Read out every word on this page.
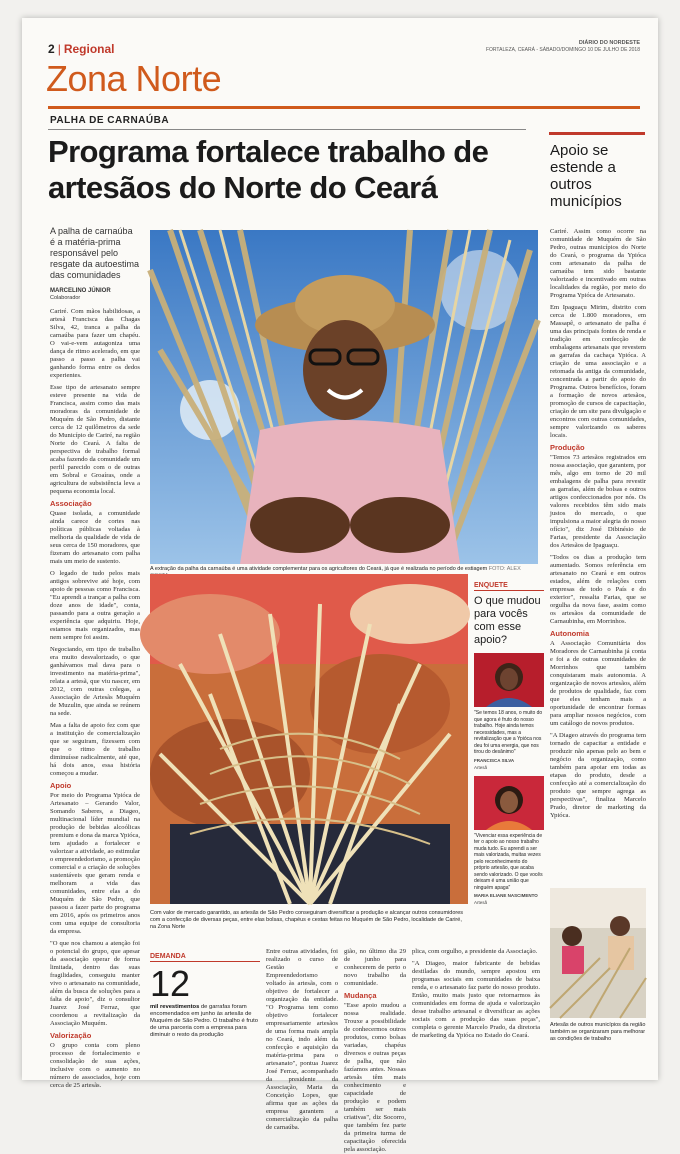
2 | Regional	DIÁRIO DO NORDESTE
FORTALEZA, CEARÁ - SÁBADO/DOMINGO 10 DE JULHO DE 2018
Zona Norte
PALHA DE CARNAÚBA
Programa fortalece trabalho de artesãos do Norte do Ceará
Apoio se estende a outros municípios
A palha de carnaúba é a matéria-prima responsável pelo resgate da autoestima das comunidades
MARCELINO JÚNIOR
Colaborador

Cariré. Com mãos habilidosas, a artesã Francisca das Chagas Silva, 42, tranca a palha da carnaúba para fazer um chapéu. O vai-e-vem autagoniza uma dança de ritmo acelerado, em que passo a passo a palha vai ganhando forma entre os dedos experientes.

Esse tipo de artesanato sempre esteve presente na vida de Francisca, assim como das mais moradoras da comunidade de Muquém de São Pedro, distante cerca de 12 quilômetros da sede do Município de Cariré, na região Norte do Ceará. A falta de perspectiva de trabalho formal acaba fazendo da comunidade um perfil parecido com o de outras em Sobral e Groaíras, onde a agricultura de subsistência leva a pequena economia local.

Associação

Quase isolada, a comunidade ainda carece de cortes nas políticas públicas voltadas à melhoria da qualidade de vida de seus cerca de 150 moradores, que fizeram do artesanato com palha mais um meio de sustento.

O legado de tudo pelos mais antigos sobrevive até hoje, com apoio de pessoas como Francisca. "Eu aprendi a trançar a palha com doze anos de idade", conta, passando para a outra geração a experiência que adquiriu. Hoje, estamos mais organizados, mas nem sempre foi assim.

Negociando, em tipo de trabalho era muito desvalorizado, o que ganhávamos mal dava para o investimento na matéria-prima", relata a artesã, que viu nascer, em 2012, com outras colegas, a Associação de Artesãs Muquém de Muzulin, que ainda se reúnem na sede.

Mas a falta de apoio fez com que a instituição de comercialização que se seguiram, fizessem com que o ritmo de trabalho diminuísse radicalmente, até que, há dois anos, essa história começou a mudar.

Apoio

Por meio do Programa Ypióca de Artesanato – Gerando Valor, Somando Saberes, a Diageo, multinacional líder mundial na produção de bebidas alcoólicas premium e dona da marca Ypióca, tem ajudado a fortalecer e valorizar a atividade, ao estimular o empreendedorismo, a promoção comercial e a criação de soluções sustentáveis que geram renda e melhoram a vida das comunidades, entre elas a do Muquém de São Pedro, que passou a fazer parte do programa em 2016, após os primeiros anos com uma equipe de consultoria da empresa.

"O que nos chamou a atenção foi o potencial do grupo, que apesar da associação operar de forma limitada, dentro das suas fragilidades, conseguiu manter vivo o artesanato na comunidade, além da busca de soluções para a falta de apoio", diz o consultor Juarez José Ferraz, que coordenou a revitalização da Associação Muquém.

Valorização

O grupo conta com pleno processo de fortalecimento e consolidação de suas ações, inclusive com o aumento no número de associados, hoje com cerca de 25 artesãs.

A extração da palha da carnaúba é uma atividade complementar para os agricultores do Ceará, já que é realizada no período de estiagem FOTO: ALEX
Com valor de mercado garantido, as artesãs de São Pedro conseguiram diversificar a produção e alcançar outros consumidores com a confecção de diversas peças, entre elas bolsas, chapéus e cestas feitas no Muquém de São Pedro, localidade de Cariré, na Zona Norte
ENQUETE
O que mudou para vocês com esse apoio?
"Se temos 18 anos, o muito do que agora é fruto do nosso trabalho. Hoje ainda temos necessidades, mas a revitalização que a Ypióca nos deu foi uma energia, que nos tirou do desânimo"
FRANCISCA SILVA
Artesã
"Vivenciar essa experiência de ter o apoio ao nosso trabalho muda tudo. Eu aprendi a ser mais valorizada, muitas vezes pelo reconhecimento do próprio artesão, que acaba sendo valorizado. O que vocês deixam é uma união que ninguém apaga"
MARIA ELIANE NASCIMENTO
Artesã
DEMANDA
12
mil revestimentos de garrafas foram encomendados em junho às artesãs de Muquém de São Pedro. O trabalho é fruto de uma parceria com a empresa para diminuir o resto da produção

Entre outras atividades, foi realizado o curso de Gestão e Empreendedorismo voltado às artesãs, com o objetivo de fortalecer a organização da entidade. "O Programa tem como objetivo fortalecer empresariamente artesãos de uma forma mais ampla no Ceará, indo além da confecção e aquisição da matéria-prima para o artesanato", pontua Juarez José Ferraz, acompanhado da presidente da Associação, Maria da Conceição Lopes, que afirma que as ações da empresa garantem a comercialização da palha de carnaúba.

gião, no último dia 29 de junho para conhecerem de perto o novo trabalho da comunidade.

Mudança

"Esse apoio mudou a nossa realidade. Trouxe a possibilidade de conhecermos outros produtos, como bolsas variadas, chapéus diversos e outras peças de palha, que não fazíamos antes. Nossas artesãs têm mais conhecimento e capacidade de produção e podem também ser mais criativas", diz Socorro, que também fez parte da primeira turma de capacitação oferecida pela associação.

plica, com orgulho, a presidente da Associação.

"A Diageo, maior fabricante de bebidas destiladas do mundo, sempre apostou em programas sociais em comunidades de baixa renda, e o artesanato faz parte do nosso produto. Então, muito mais justo que retornarmos às comunidades em forma de ajuda e valorização desse trabalho artesanal e diversificar as ações sociais com a produção das suas peças", completa o gerente Marcelo Prado, da diretoria de marketing da Ypióca no Estado do Ceará.

Cariré. Assim como ocorre na comunidade de Muquém de São Pedro, outras municípios do Norte do Ceará, o programa da Ypióca com artesanato da palha de carnaúba tem sido bastante valorizado e incentivado em outras localidades da região, por meio do Programa Ypióca de Artesanato.

Em Ipaguaçu Mirim, distrito com cerca de 1.800 moradores, em Massapê, o artesanato de palha é uma das principais fontes de renda e tradição em confecção de embalagens artesanais que revestem as garrafas da cachaça Ypióca. A criação de uma associação e a retomada da antiga da comunidade, concentrada a partir do apoio do Programa. Outros benefícios, foram a formação de novos artesãos, promoção de cursos de capacitação, criação de um site para divulgação e encontros com outras comunidades, sempre valorizando os saberes locais.

Produção

"Temos 73 artesãos registrados em nossa associação, que garantem, por mês, algo em torno de 20 mil embalagens de palha para revestir as garrafas, além de bolsas e outros artigos confeccionados por nós. Os valores recebidos têm sido mais justos do mercado, o que impulsiona a maior alegria do nosso ofício", diz José Dibinésio de Farias, presidente da Associação dos Artesãos de Ipaguaçu.

"Todos os dias a produção tem aumentado. Somos referência em artesanato no Ceará e em outros estados, além de relações com empresas de todo o País e do exterior", ressalta Farias, que se orgulha da nova fase, assim como os artesãos da comunidade de Carnaubinha, em Morrinhos.

Autonomia

A Associação Comunitária dos Moradores de Carnaubinha já conta e foi a de outras comunidades de Morrinhos que também conquistaram mais autonomia. A organização de novos artesãos, além de produtos de qualidade, faz com que eles tenham mais a oportunidade de encontrar formas para ampliar nossos negócios, com um catálogo de novos produtos.

"A Diageo através do programa tem tornado de capacitar a entidade e produzir não apenas pelo ao bem e negócio da organização, como também para apoiar em todas as etapas do produto, desde a confecção até a comercialização do produto que sempre agrega as perspectivas", finaliza Marcelo Prado, diretor de marketing da Ypióca.

Artesãs de outros municípios da região também se organizaram para melhorar as condições de trabalho
